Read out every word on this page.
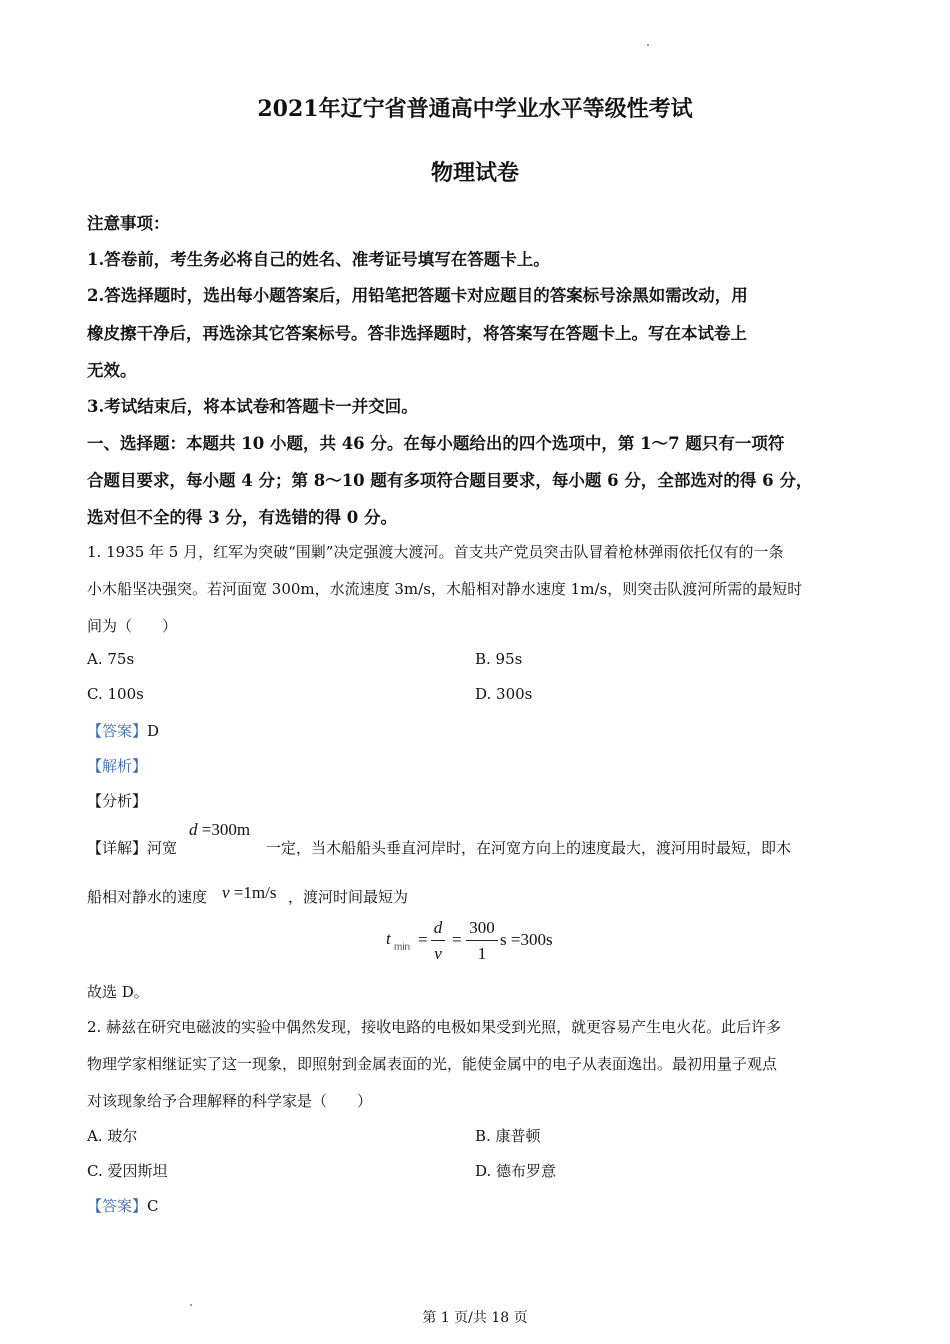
2021年辽宁省普通高中学业水平等级性考试
物理试卷
注意事项：
1.答卷前，考生务必将自己的姓名、准考证号填写在答题卡上。
2.答选择题时，选出每小题答案后，用铅笔把答题卡对应题目的答案标号涂黑如需改动，用
橡皮擦干净后，再选涂其它答案标号。答非选择题时，将答案写在答题卡上。写在本试卷上
无效。
3.考试结束后，将本试卷和答题卡一并交回。
一、选择题：本题共 10 小题，共 46 分。在每小题给出的四个选项中，第 1～7 题只有一项符
合题目要求，每小题 4 分；第 8～10 题有多项符合题目要求，每小题 6 分，全部选对的得 6 分，
选对但不全的得 3 分，有选错的得 0 分。
1. 1935 年 5 月，红军为突破“围剿”决定强渡大渡河。首支共产党员突击队冒着枪林弹雨依托仅有的一条
小木船坚决强突。若河面宽 300m，水流速度 3m/s，木船相对静水速度 1m/s，则突击队渡河所需的最短时
间为（　　）
A. 75s	B. 95s
C. 100s	D. 300s
【答案】D
【解析】
【分析】
【详解】河宽
d =300m
一定，当木船船头垂直河岸时，在河宽方向上的速度最大，渡河用时最短，即木
船相对静水的速度 v =1m/s ，渡河时间最短为
t min =
d
v
=
300
1
s =300s
故选 D。
2. 赫兹在研究电磁波的实验中偶然发现，接收电路的电极如果受到光照，就更容易产生电火花。此后许多
物理学家相继证实了这一现象，即照射到金属表面的光，能使金属中的电子从表面逸出。最初用量子观点
对该现象给予合理解释的科学家是（　　）
A. 玻尔	B. 康普顿
C. 爱因斯坦	D. 德布罗意
【答案】C
第 1 页/共 18 页
